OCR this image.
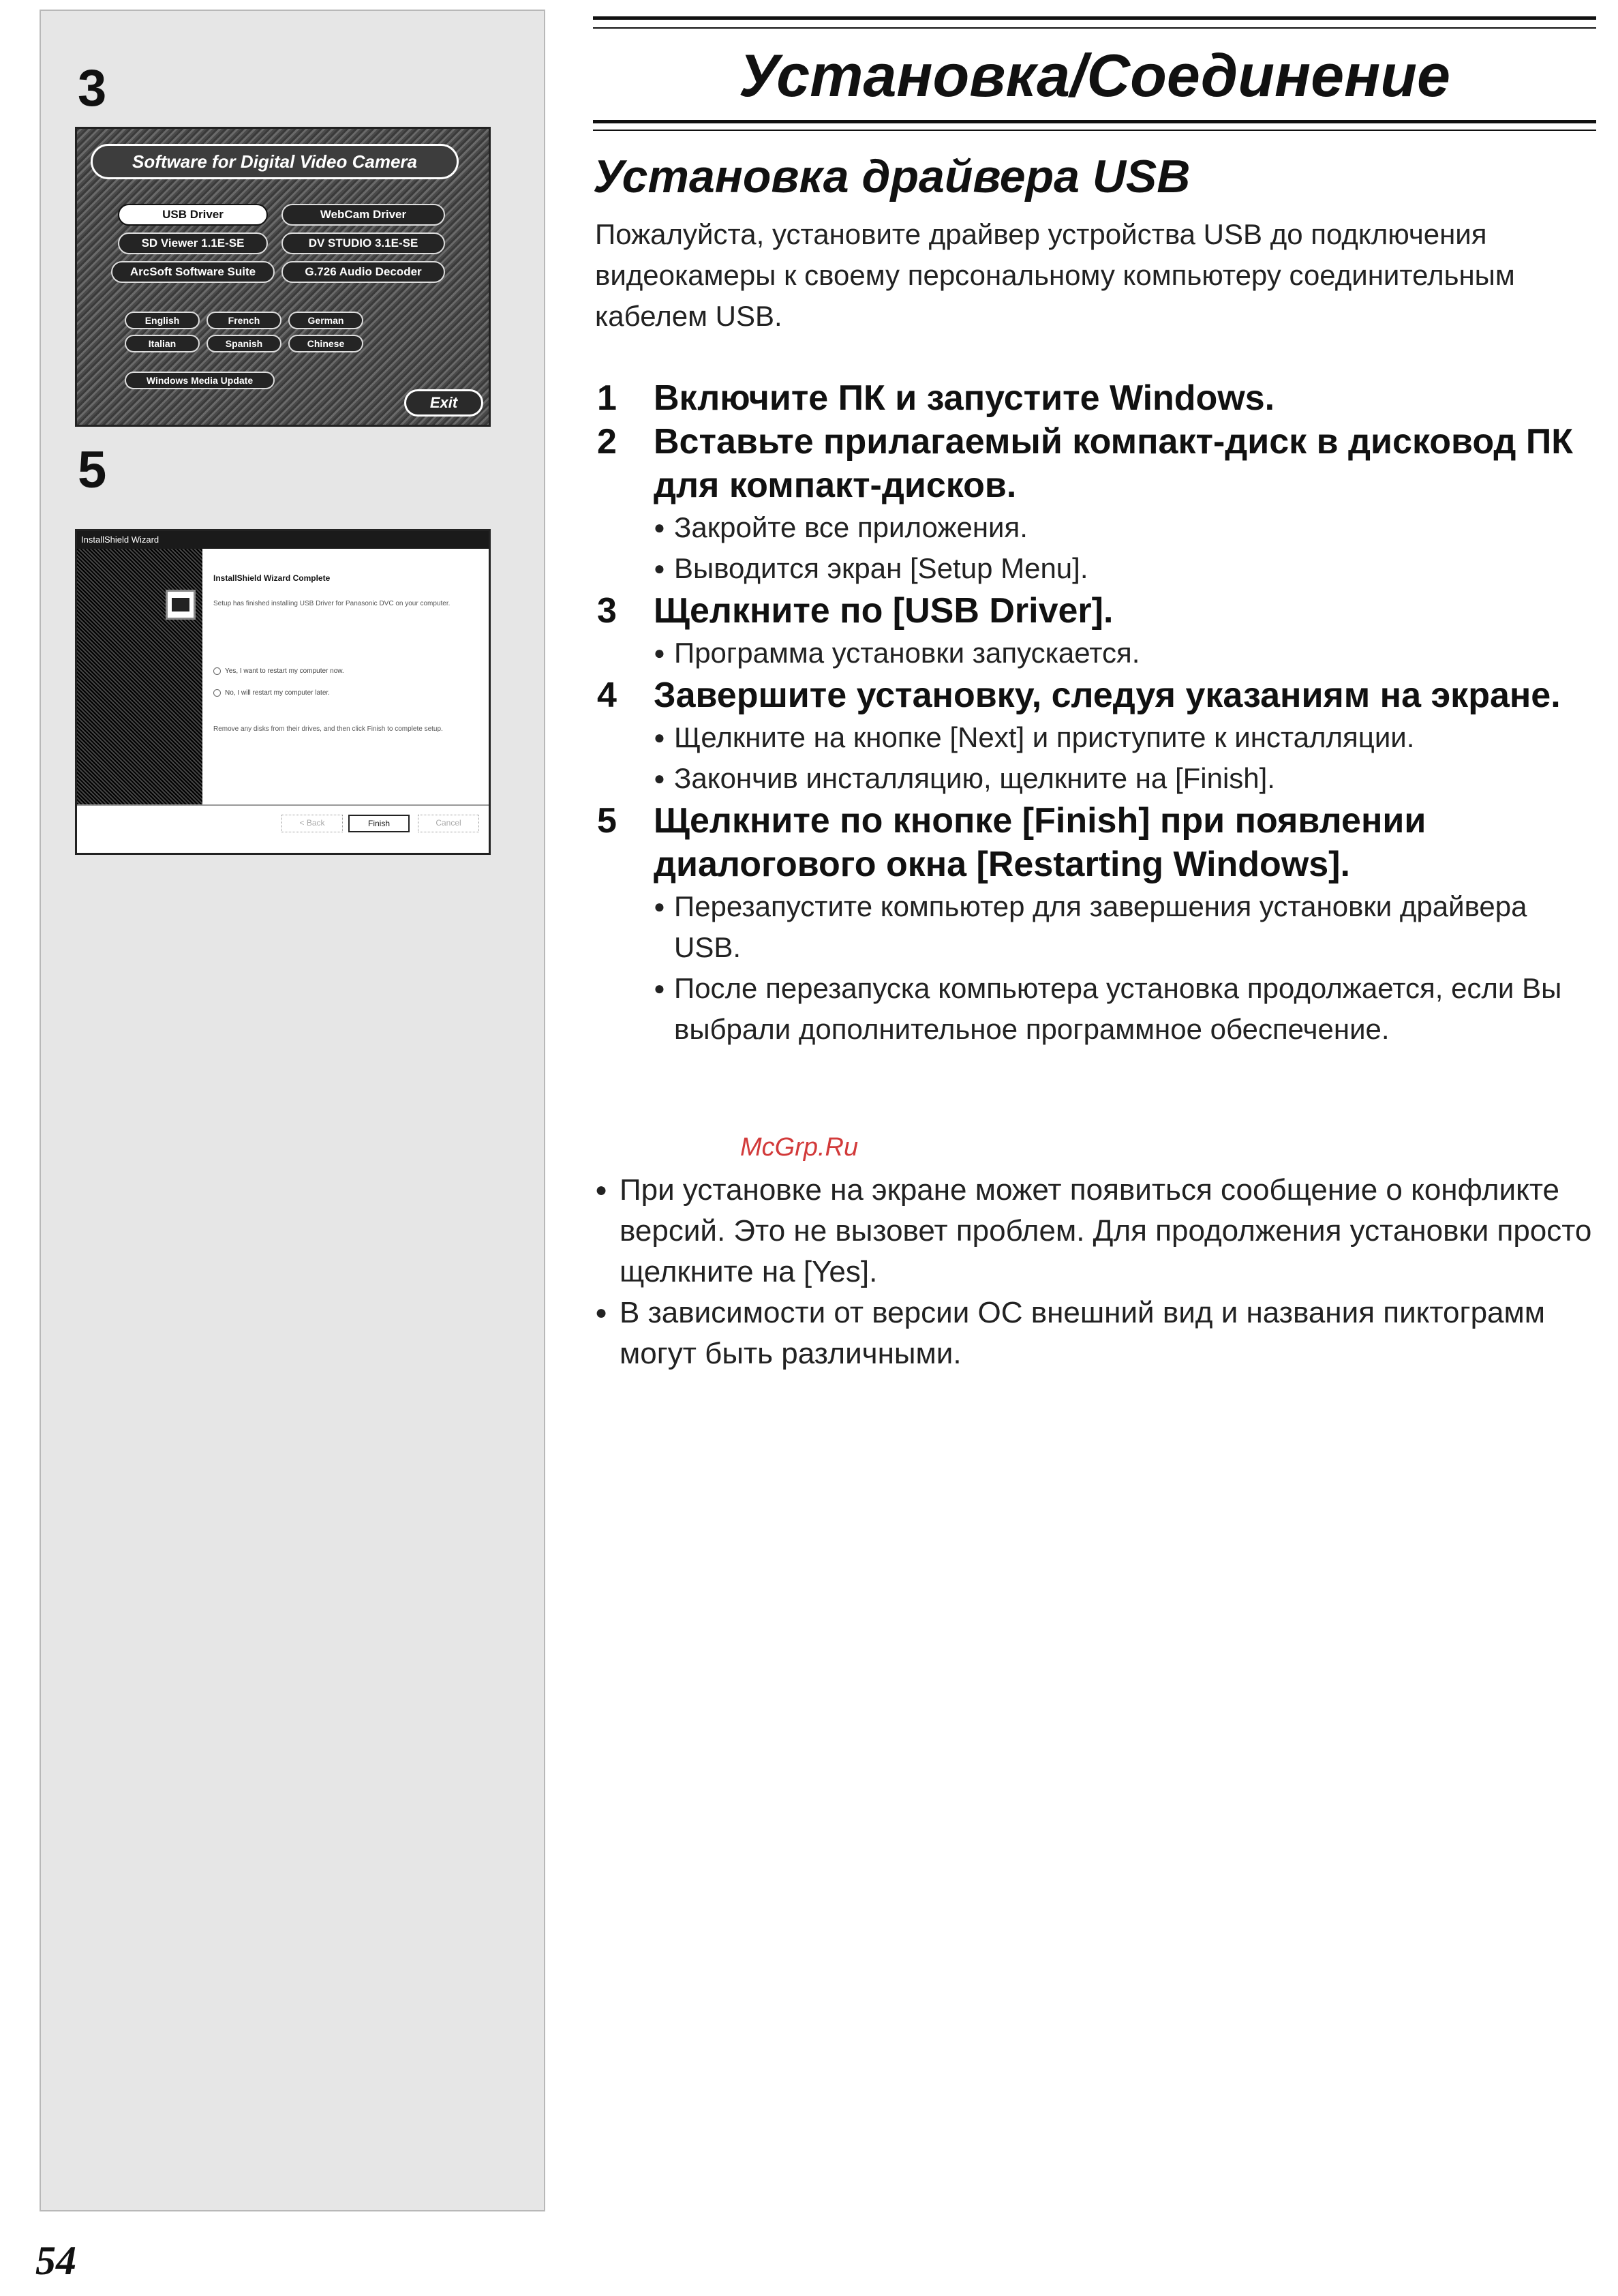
3
Software for Digital Video Camera
USB Driver	WebCam Driver
SD Viewer 1.1E-SE	DV STUDIO 3.1E-SE
ArcSoft Software Suite	G.726 Audio Decoder
English	French	German
Italian	Spanish	Chinese
Windows Media Update
Exit
5
InstallShield Wizard
InstallShield Wizard Complete
Setup has finished installing USB Driver for Panasonic DVC on your computer.
Yes, I want to restart my computer now.
No, I will restart my computer later.
Remove any disks from their drives, and then click Finish to complete setup.
< Back	Finish	Cancel
Установка/Соединение
Установка драйвера USB
Пожалуйста, установите драйвер устройства USB до подключения видеокамеры к своему персональному компьютеру соединительным кабелем USB.
1 Включите ПК и запустите Windows.
2 Вставьте прилагаемый компакт-диск в дисковод ПК для компакт-дисков.
● Закройте все приложения.
● Выводится экран [Setup Menu].
3 Щелкните по [USB Driver].
● Программа установки запускается.
4 Завершите установку, следуя указаниям на экране.
● Щелкните на кнопке [Next] и приступите к инсталляции.
● Закончив инсталляцию, щелкните на [Finish].
5 Щелкните по кнопке [Finish] при появлении диалогового окна [Restarting Windows].
● Перезапустите компьютер для завершения установки драйвера USB.
● После перезапуска компьютера установка продолжается, если Вы выбрали дополнительное программное обеспечение.
McGrp.Ru
● При установке на экране может появиться сообщение о конфликте версий. Это не вызовет проблем. Для продолжения установки просто щелкните на [Yes].
● В зависимости от версии ОС внешний вид и названия пиктограмм могут быть различными.
54
